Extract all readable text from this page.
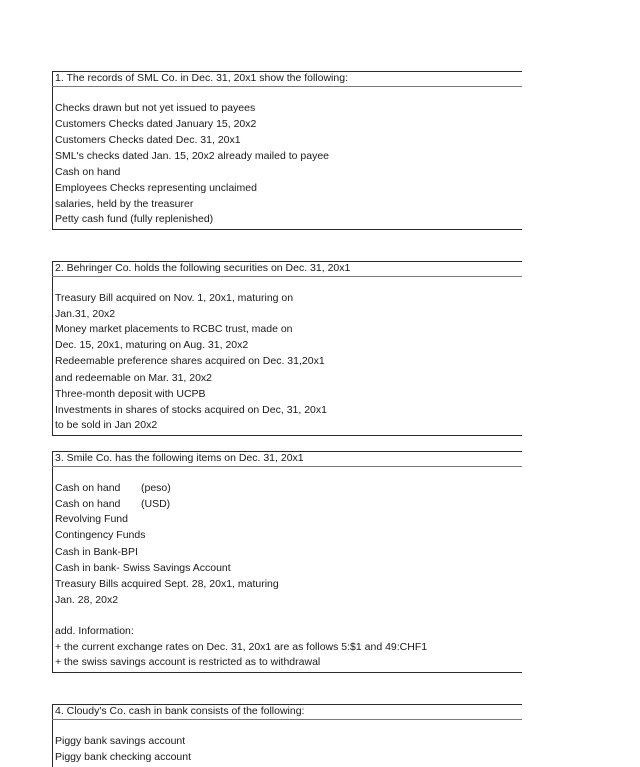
1. The records of SML Co. in Dec. 31, 20x1 show the following:
Checks drawn but not yet issued to payees
Customers Checks dated January 15, 20x2
Customers Checks dated Dec. 31, 20x1
SML's checks dated Jan. 15, 20x2 already mailed to payee
Cash on hand
Employees Checks representing unclaimed
salaries, held by the treasurer
Petty cash fund (fully replenished)
2. Behringer Co. holds the following securities on Dec. 31, 20x1
Treasury Bill acquired on Nov. 1, 20x1, maturing on
Jan.31, 20x2
Money market placements to RCBC trust, made on
Dec. 15, 20x1, maturing on Aug. 31, 20x2
Redeemable preference shares acquired on Dec. 31,20x1
and redeemable on Mar. 31, 20x2
Three-month deposit with UCPB
Investments in shares of stocks acquired on Dec, 31, 20x1
to be sold in Jan 20x2
3. Smile Co. has the following items on Dec. 31, 20x1
Cash on hand (peso)
Cash on hand (USD)
Revolving Fund
Contingency Funds
Cash in Bank-BPI
Cash in bank- Swiss Savings Account
Treasury Bills acquired Sept. 28, 20x1, maturing
Jan. 28, 20x2
add. Information:
+ the current exchange rates on Dec. 31, 20x1 are as follows 5:$1 and 49:CHF1
+ the swiss savings account is restricted as to withdrawal
4. Cloudy's Co. cash in bank consists of the following:
Piggy bank savings account
Piggy bank checking account
